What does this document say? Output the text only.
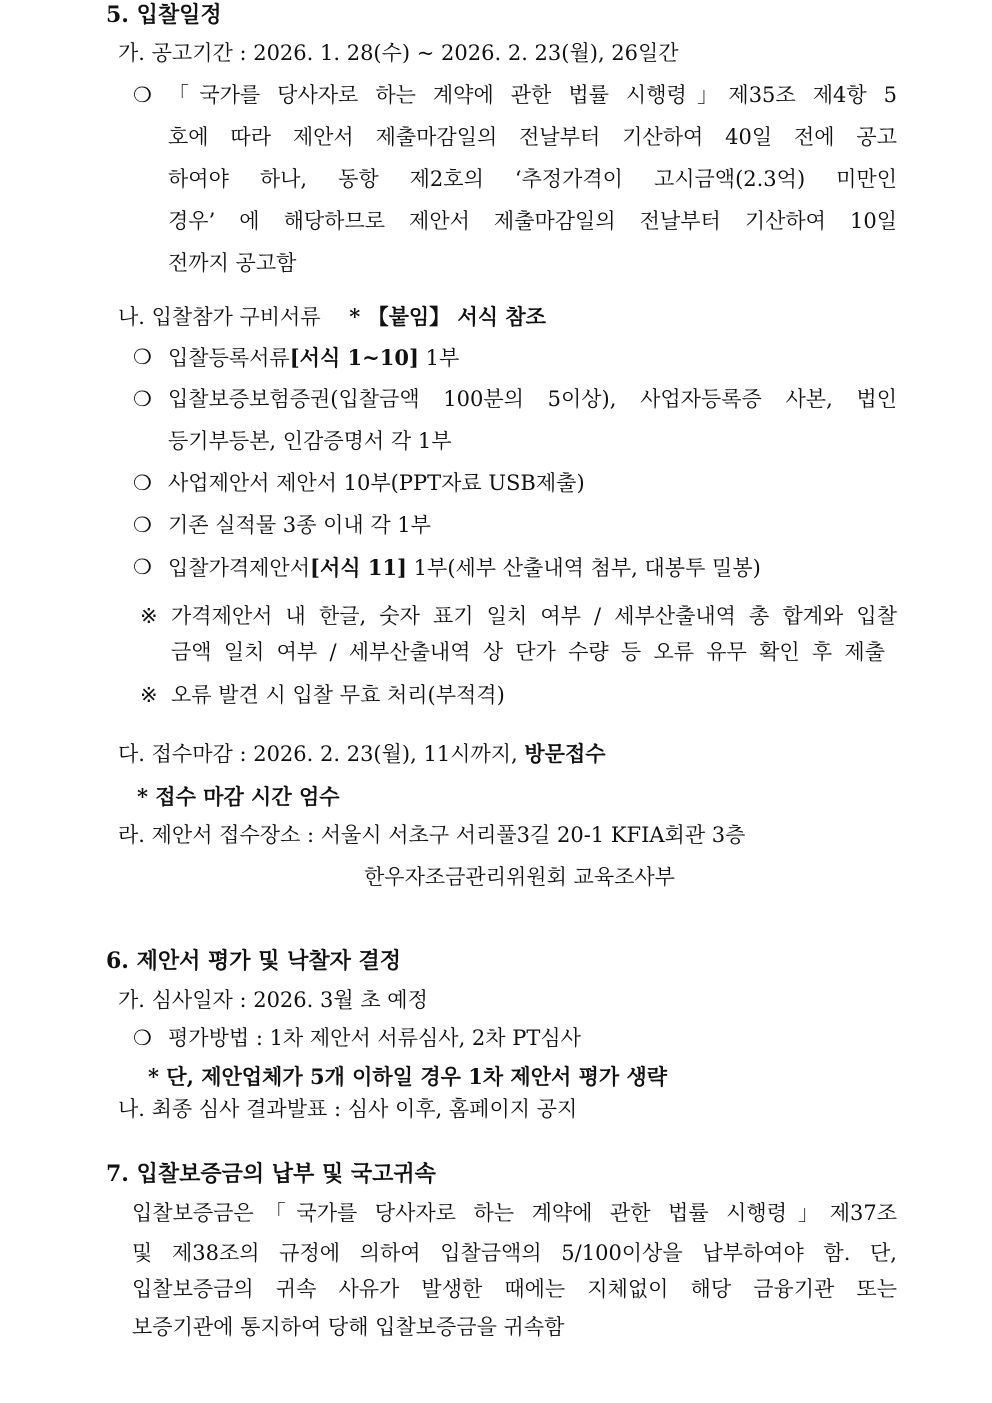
5. 입찰일정
가. 공고기간 : 2026. 1. 28(수) ~ 2026. 2. 23(월), 26일간
❍ 「국가를 당사자로 하는 계약에 관한 법률 시행령」제35조 제4항 5
호에 따라 제안서 제출마감일의 전날부터 기산하여 40일 전에 공고
하여야 하나, 동항 제2호의 ‘추정가격이 고시금액(2.3억) 미만인
경우’ 에 해당하므로 제안서 제출마감일의 전날부터 기산하여 10일
전까지 공고함
나. 입찰참가 구비서류 * 【붙임】 서식 참조
❍ 입찰등록서류[서식 1~10] 1부
❍ 입찰보증보험증권(입찰금액 100분의 5이상), 사업자등록증 사본, 법인
등기부등본, 인감증명서 각 1부
❍ 사업제안서 제안서 10부(PPT자료 USB제출)
❍ 기존 실적물 3종 이내 각 1부
❍ 입찰가격제안서[서식 11] 1부(세부 산출내역 첨부, 대봉투 밀봉)
※ 가격제안서 내 한글, 숫자 표기 일치 여부 / 세부산출내역 총 합계와 입찰
금액 일치 여부 / 세부산출내역 상 단가 수량 등 오류 유무 확인 후 제출
※ 오류 발견 시 입찰 무효 처리(부적격)
다. 접수마감 : 2026. 2. 23(월), 11시까지, 방문접수
* 접수 마감 시간 엄수
라. 제안서 접수장소 : 서울시 서초구 서리풀3길 20-1 KFIA회관 3층
한우자조금관리위원회 교육조사부
6. 제안서 평가 및 낙찰자 결정
가. 심사일자 : 2026. 3월 초 예정
❍ 평가방법 : 1차 제안서 서류심사, 2차 PT심사
* 단, 제안업체가 5개 이하일 경우 1차 제안서 평가 생략
나. 최종 심사 결과발표 : 심사 이후, 홈페이지 공지
7. 입찰보증금의 납부 및 국고귀속
입찰보증금은「국가를 당사자로 하는 계약에 관한 법률 시행령」제37조
및 제38조의 규정에 의하여 입찰금액의 5/100이상을 납부하여야 함. 단,
입찰보증금의 귀속 사유가 발생한 때에는 지체없이 해당 금융기관 또는
보증기관에 통지하여 당해 입찰보증금을 귀속함
